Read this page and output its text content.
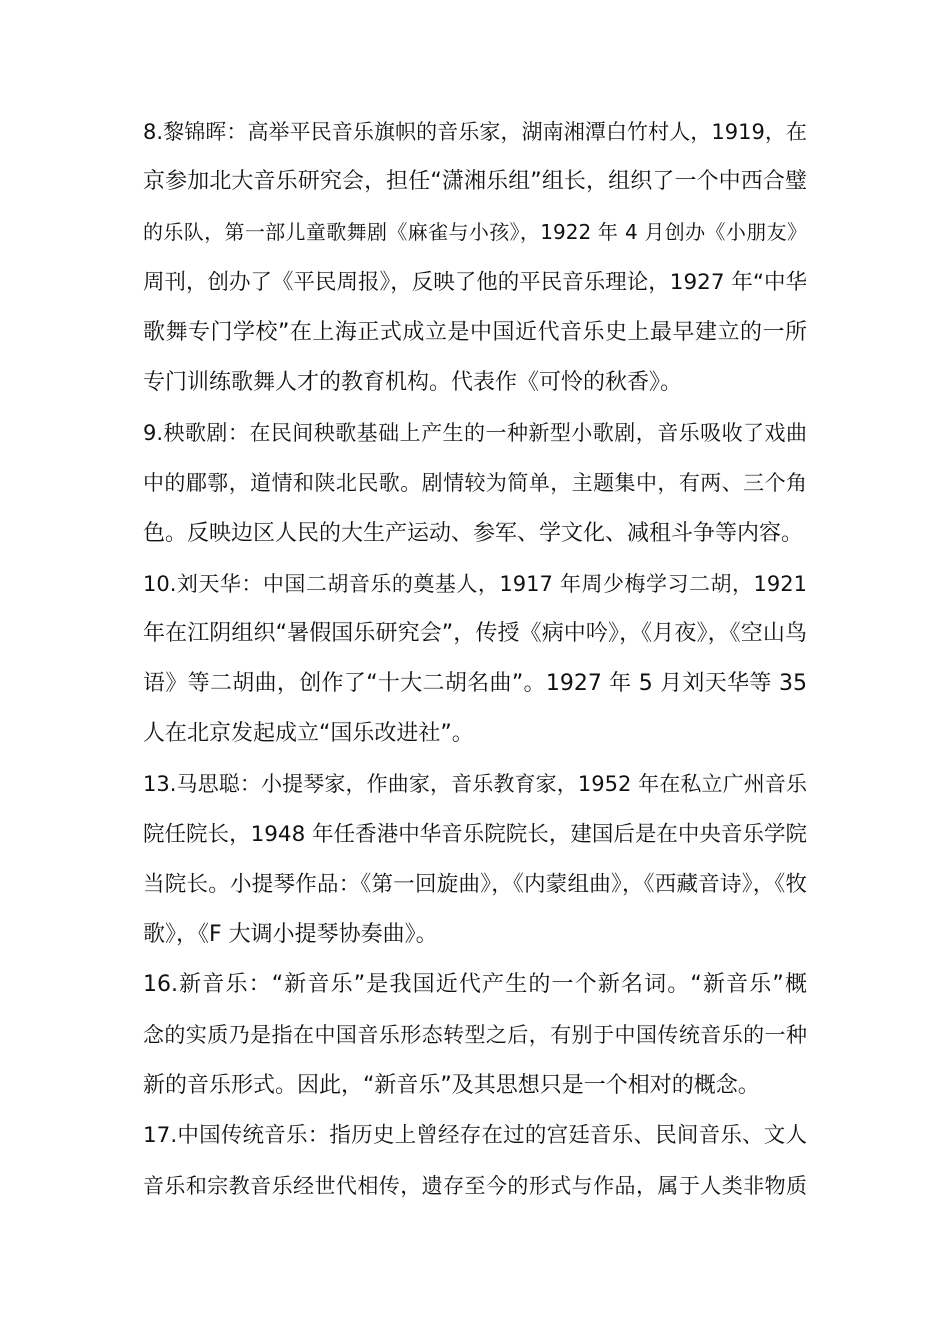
8.黎锦晖：高举平民音乐旗帜的音乐家，湖南湘潭白竹村人，1919，在
京参加北大音乐研究会，担任“潇湘乐组”组长，组织了一个中西合璧
的乐队，第一部儿童歌舞剧《麻雀与小孩》，1922 年 4 月创办《小朋友》
周刊，创办了《平民周报》，反映了他的平民音乐理论，1927 年“中华
歌舞专门学校”在上海正式成立是中国近代音乐史上最早建立的一所
专门训练歌舞人才的教育机构。代表作《可怜的秋香》。
9.秧歌剧：在民间秧歌基础上产生的一种新型小歌剧，音乐吸收了戏曲
中的郿鄠，道情和陕北民歌。剧情较为简单，主题集中，有两、三个角
色。反映边区人民的大生产运动、参军、学文化、减租斗争等内容。
10.刘天华：中国二胡音乐的奠基人，1917 年周少梅学习二胡，1921
年在江阴组织“暑假国乐研究会”，传授《病中吟》，《月夜》，《空山鸟
语》等二胡曲，创作了“十大二胡名曲”。1927 年 5 月刘天华等 35
人在北京发起成立“国乐改进社”。
13.马思聪：小提琴家，作曲家，音乐教育家，1952 年在私立广州音乐
院任院长，1948 年任香港中华音乐院院长，建国后是在中央音乐学院
当院长。小提琴作品：《第一回旋曲》，《内蒙组曲》，《西藏音诗》，《牧
歌》，《F 大调小提琴协奏曲》。
16.新音乐：“新音乐”是我国近代产生的一个新名词。“新音乐”概
念的实质乃是指在中国音乐形态转型之后，有别于中国传统音乐的一种
新的音乐形式。因此，“新音乐”及其思想只是一个相对的概念。
17.中国传统音乐：指历史上曾经存在过的宫廷音乐、民间音乐、文人
音乐和宗教音乐经世代相传，遗存至今的形式与作品，属于人类非物质
